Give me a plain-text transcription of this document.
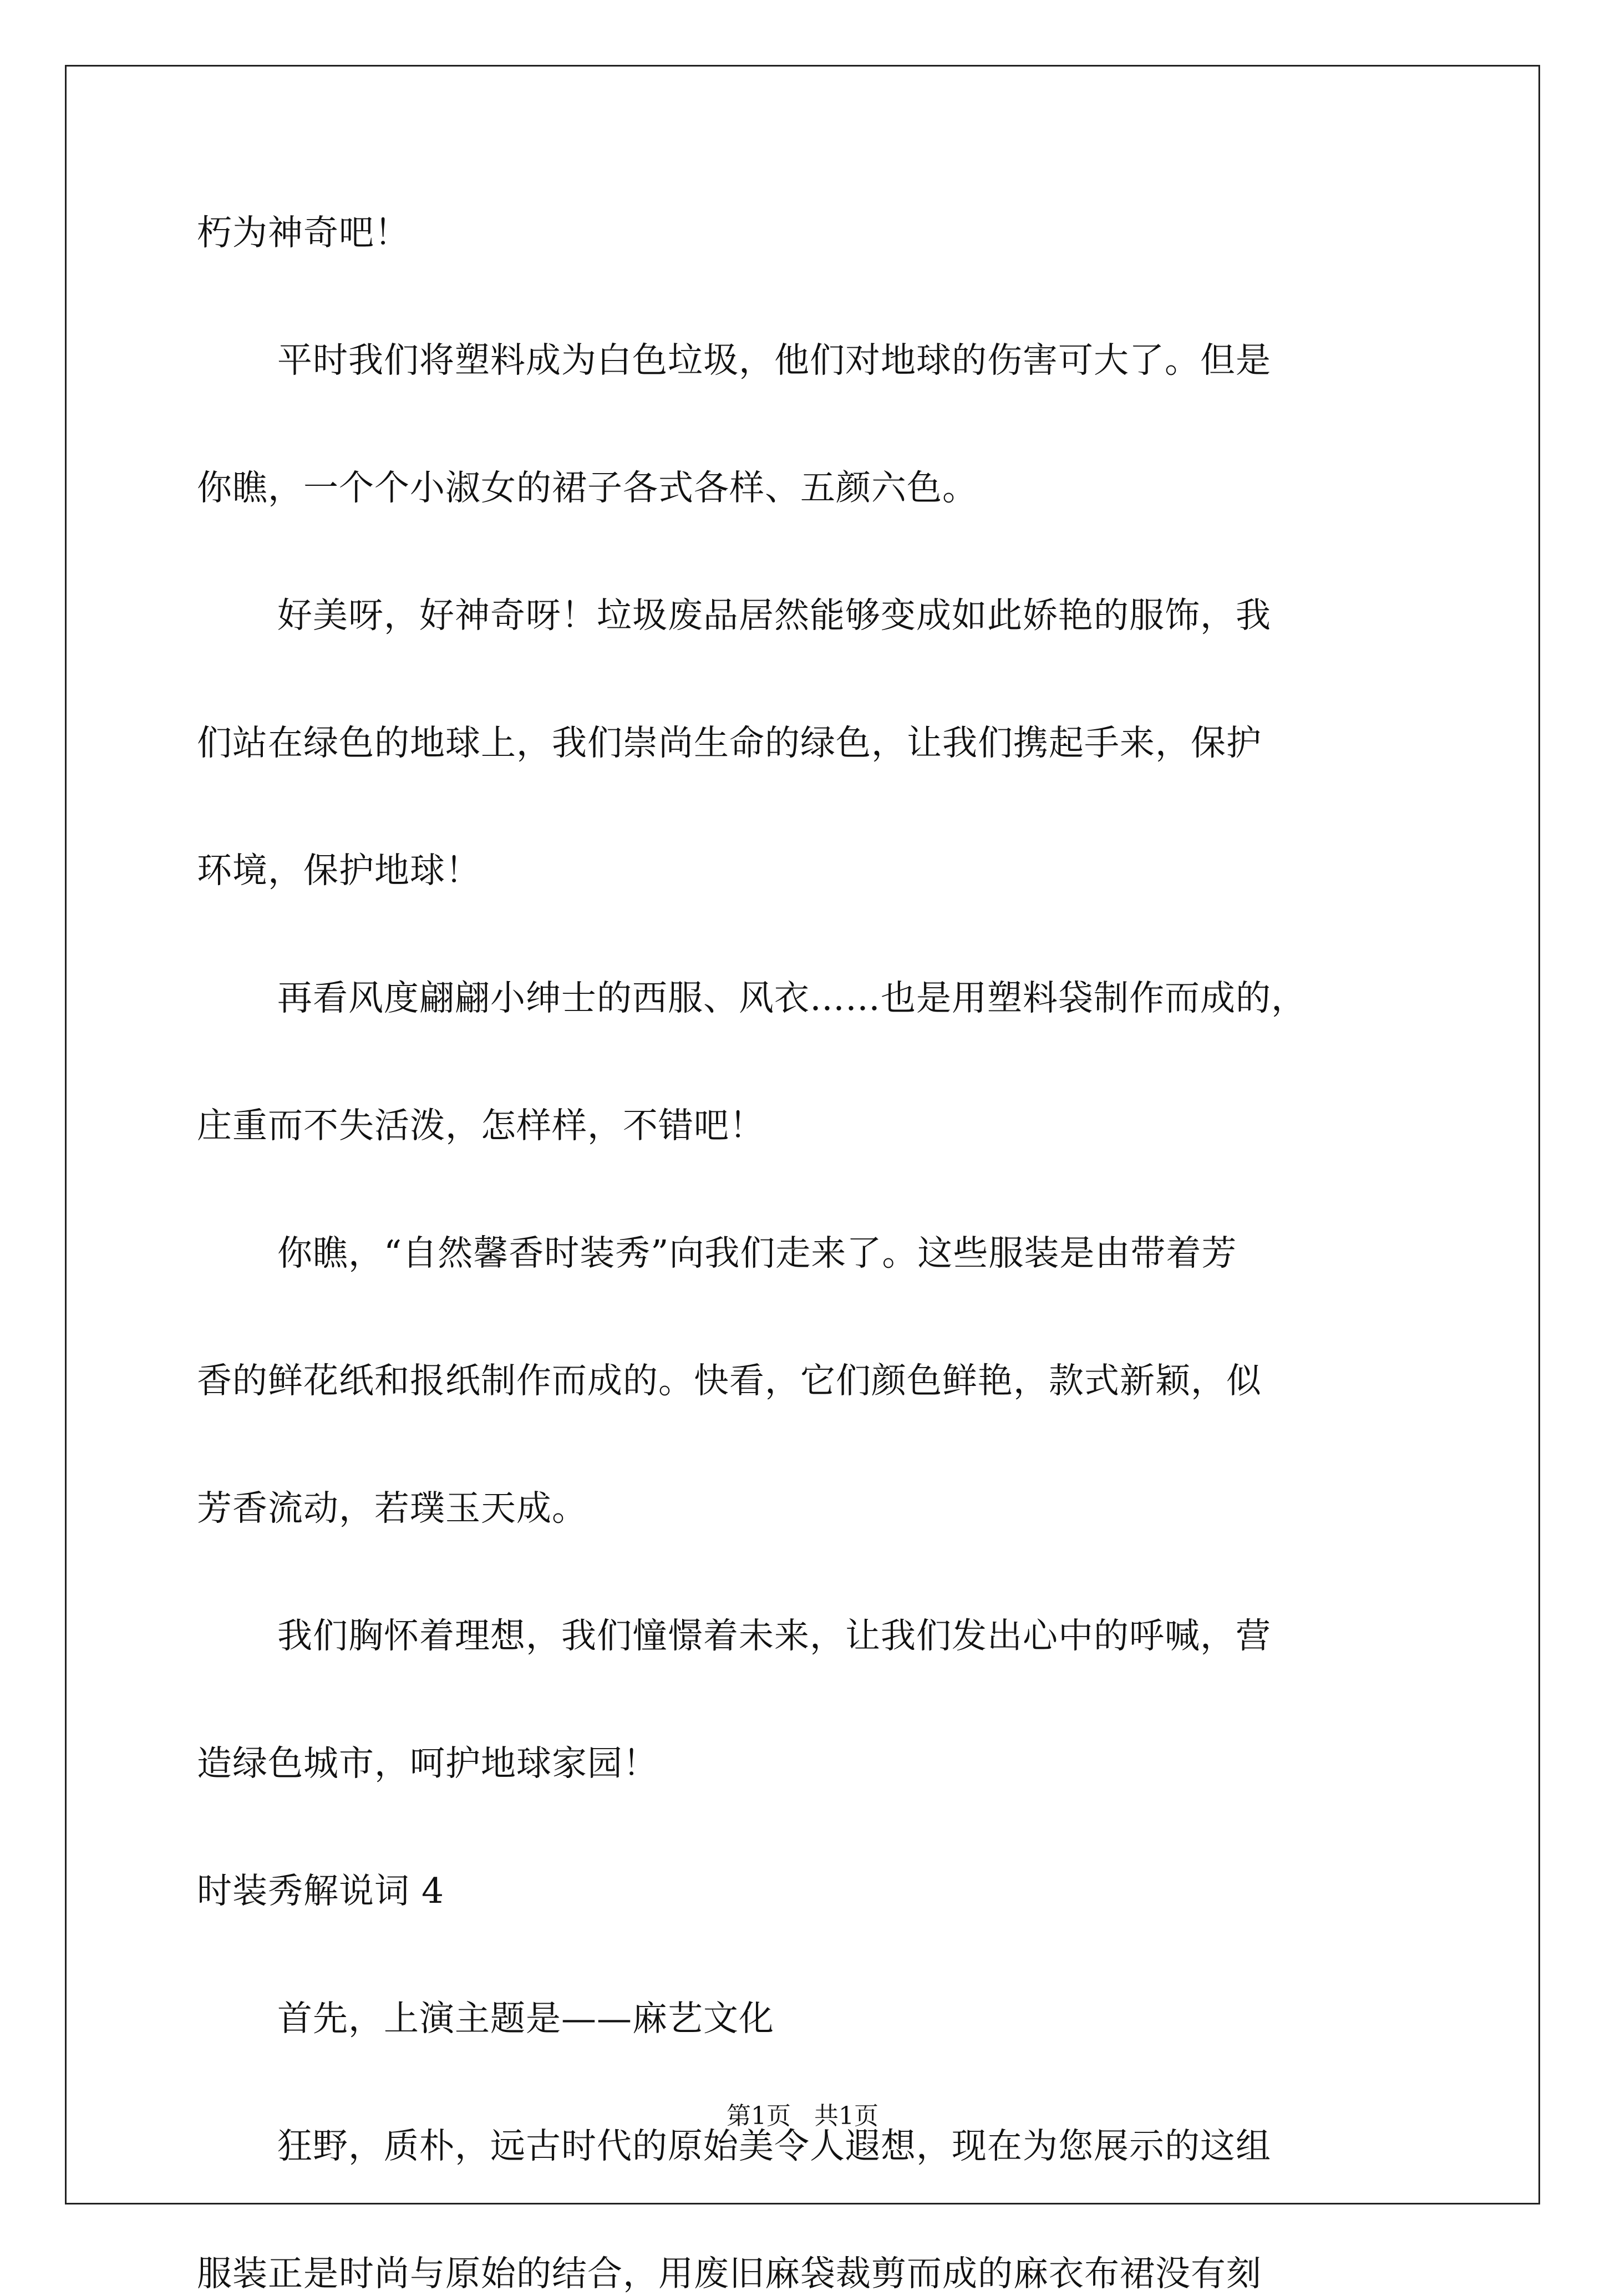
朽为神奇吧！
平时我们将塑料成为白色垃圾，他们对地球的伤害可大了。但是
你瞧，一个个小淑女的裙子各式各样、五颜六色。
好美呀，好神奇呀！垃圾废品居然能够变成如此娇艳的服饰，我
们站在绿色的地球上，我们崇尚生命的绿色，让我们携起手来，保护
环境，保护地球！
再看风度翩翩小绅士的西服、风衣……也是用塑料袋制作而成的，
庄重而不失活泼，怎样样，不错吧！
你瞧，“自然馨香时装秀”向我们走来了。这些服装是由带着芳
香的鲜花纸和报纸制作而成的。快看，它们颜色鲜艳，款式新颖，似
芳香流动，若璞玉天成。
我们胸怀着理想，我们憧憬着未来，让我们发出心中的呼喊，营
造绿色城市，呵护地球家园！
时装秀解说词 4
首先，上演主题是——麻艺文化
狂野，质朴，远古时代的原始美令人遐想，现在为您展示的这组
服装正是时尚与原始的结合，用废旧麻袋裁剪而成的麻衣布裙没有刻
第1页   共1页
